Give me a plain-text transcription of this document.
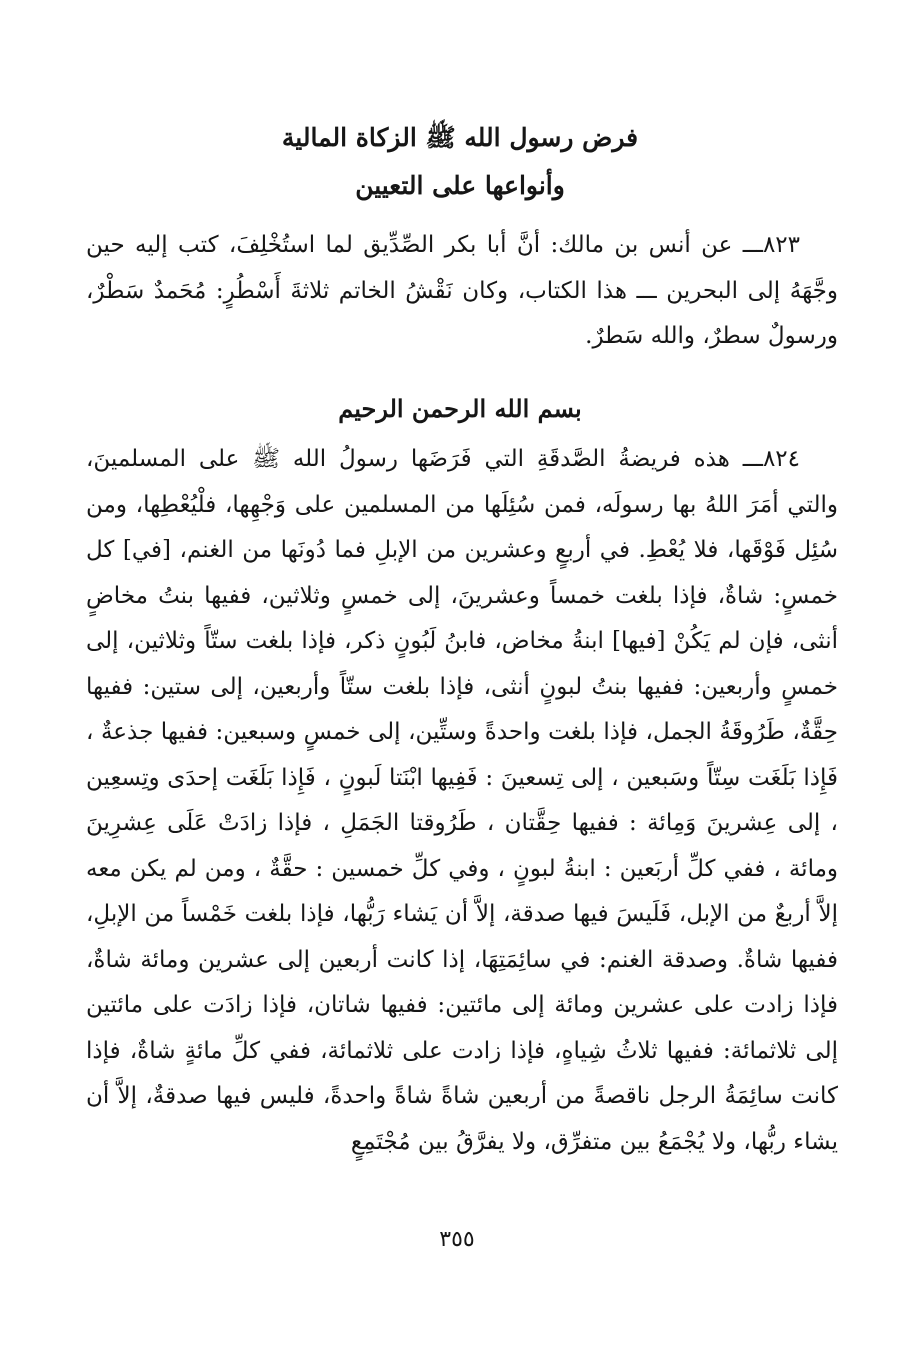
فرض رسول الله ﷺ الزكاة المالية
وأنواعها على التعيين

٨٢٣ـــ عن أنس بن مالك: أنَّ أبا بكر الصِّدِّيق لما استُخْلِفَ، كتب إليه حين وجَّهَهُ إلى البحرين ـــ هذا الكتاب، وكان نَقْشُ الخاتم ثلاثةَ أَسْطُرٍ: مُحَمدٌ سَطْرٌ، ورسولٌ سطرٌ، والله سَطرٌ.

بسم الله الرحمن الرحيم

٨٢٤ـــ هذه فريضةُ الصَّدقَةِ التي فَرَضَها رسولُ الله ﷺ على المسلمينَ، والتي أمَرَ اللهُ بها رسولَه، فمن سُئِلَها من المسلمين على وَجْهِها، فلْيُعْطِها، ومن سُئِل فَوْقَها، فلا يُعْطِ. في أربعٍ وعشرين من الإبلِ فما دُونَها من الغنم، [في] كل خمسٍ: شاةٌ، فإذا بلغت خمساً وعشرينَ، إلى خمسٍ وثلاثين، ففيها بنتُ مخاضٍ أنثى، فإن لم يَكُنْ [فيها] ابنةُ مخاض، فابنُ لَبُونٍ ذكر، فإذا بلغت ستّاً وثلاثين، إلى خمسٍ وأربعين: ففيها بنتُ لبونٍ أنثى، فإذا بلغت ستّاً وأربعين، إلى ستين: ففيها حِقَّةٌ، طَرُوقَةُ الجمل، فإذا بلغت واحدةً وستِّين، إلى خمسٍ وسبعين: ففيها جذعةٌ ، فَإِذا بَلَغَت سِتّاً وسَبعين ، إلى تِسعينَ : فَفِيها ابْنَتا لَبونٍ ، فَإِذا بَلَغَت إحدَى وتِسعِين ، إلى عِشرينَ وَمِائة : ففيها حِقَّتان ، طَرُوقتا الجَمَلِ ، فإذا زادَتْ عَلَى عِشرِينَ ومائة ، ففي كلِّ أربَعين : ابنةُ لبونٍ ، وفي كلِّ خمسين : حقَّةٌ ، ومن لم يكن معه إلاَّ أربعٌ من الإبل، فَلَيسَ فيها صدقة، إلاَّ أن يَشاء رَبُّها، فإذا بلغت خَمْساً من الإبلِ، ففيها شاةٌ. وصدقة الغنم: في سائِمَتِهَا، إذا كانت أربعين إلى عشرين ومائة شاةٌ، فإذا زادت على عشرين ومائة إلى مائتين: ففيها شاتان، فإذا زادَت على مائتين إلى ثلاثمائة: ففيها ثلاثُ شِياهٍ، فإذا زادت على ثلاثمائة، ففي كلِّ مائةٍ شاةٌ، فإذا كانت سائِمَةُ الرجل ناقصةً من أربعين شاةً شاةً واحدةً، فليس فيها صدقةٌ، إلاَّ أن يشاء ربُّها، ولا يُجْمَعُ بين متفرِّق، ولا يفرَّقُ بين مُجْتَمِعٍ

٣٥٥
